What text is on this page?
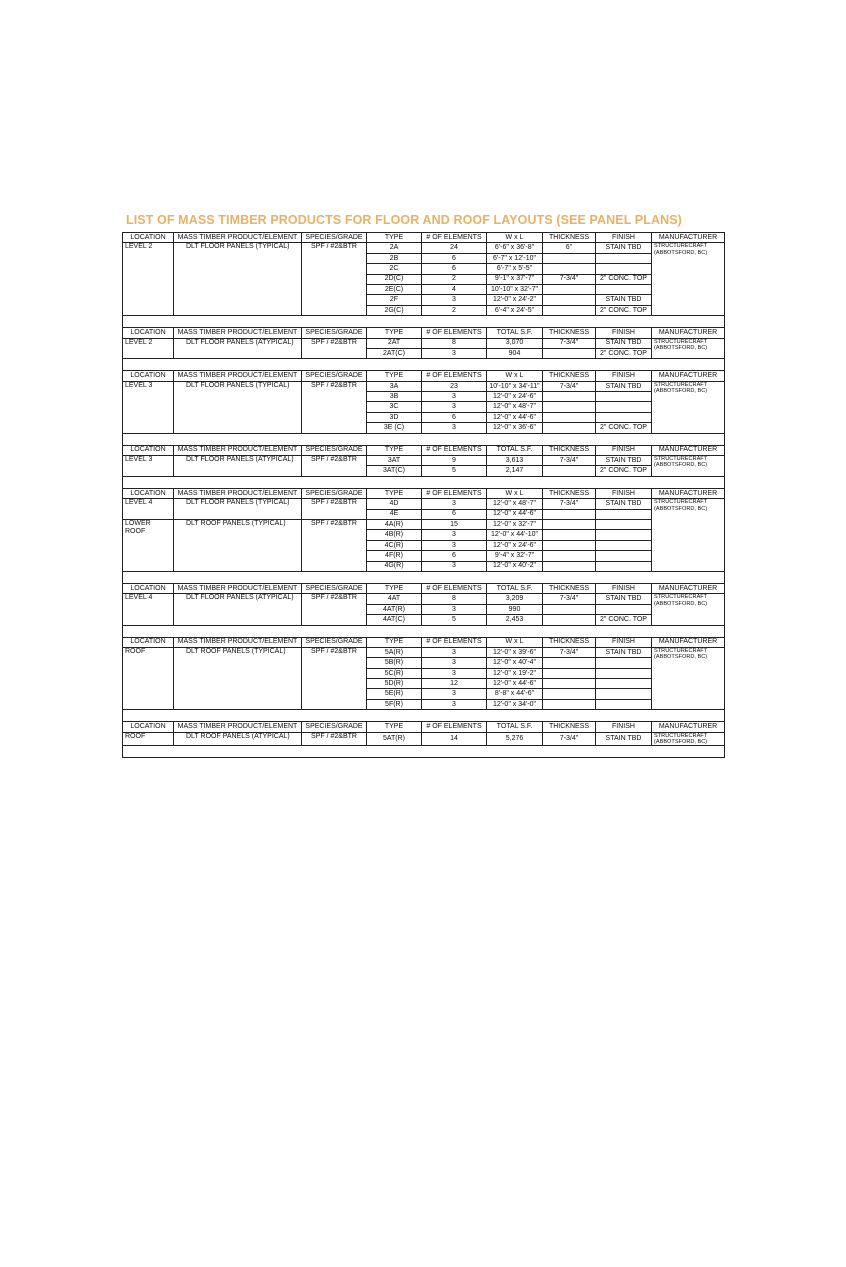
LIST OF MASS TIMBER PRODUCTS FOR FLOOR AND ROOF LAYOUTS (SEE PANEL PLANS)
LOCATION	MASS TIMBER PRODUCT/ELEMENT	SPECIES/GRADE	TYPE	# OF ELEMENTS	W x L	THICKNESS	FINISH	MANUFACTURER

LEVEL 2	DLT FLOOR PANELS (TYPICAL)	SPF / #2&BTR	2A	24	6'-6" x 36'-8"	6"	STAIN TBD	STRUCTURECRAFT (ABBOTSFORD, BC)
			2B	6	6'-7" x 12'-10"			
			2C	6	6'-7" x 5'-5"			
			2D(C)	2	9'-1" x 37'-7"	7-3/4"	2" CONC. TOP	
			2E(C)	4	10'-10" x 32'-7"			
			2F	3	12'-0" x 24'-2"		STAIN TBD	
			2G(C)	2	6'-4" x 24'-5"		2" CONC. TOP	

LOCATION	MASS TIMBER PRODUCT/ELEMENT	SPECIES/GRADE	TYPE	# OF ELEMENTS	TOTAL S.F.	THICKNESS	FINISH	MANUFACTURER

LEVEL 2	DLT FLOOR PANELS (ATYPICAL)	SPF / #2&BTR	2AT	8	3,070	7-3/4"	STAIN TBD	STRUCTURECRAFT (ABBOTSFORD, BC)
			2AT(C)	3	904		2" CONC. TOP	

LOCATION	MASS TIMBER PRODUCT/ELEMENT	SPECIES/GRADE	TYPE	# OF ELEMENTS	W x L	THICKNESS	FINISH	MANUFACTURER

LEVEL 3	DLT FLOOR PANELS (TYPICAL)	SPF / #2&BTR	3A	23	10'-10" x 34'-11"	7-3/4"	STAIN TBD	STRUCTURECRAFT (ABBOTSFORD, BC)
			3B	3	12'-0" x 24'-6"			
			3C	3	12'-0" x 48'-7"			
			3D	6	12'-0" x 44'-6"			
			3E (C)	3	12'-0" x 36'-6"		2" CONC. TOP	

LOCATION	MASS TIMBER PRODUCT/ELEMENT	SPECIES/GRADE	TYPE	# OF ELEMENTS	TOTAL S.F.	THICKNESS	FINISH	MANUFACTURER

LEVEL 3	DLT FLOOR PANELS (ATYPICAL)	SPF / #2&BTR	3AT	9	3,613	7-3/4"	STAIN TBD	STRUCTURECRAFT (ABBOTSFORD, BC)
			3AT(C)	5	2,147		2" CONC. TOP	

LOCATION	MASS TIMBER PRODUCT/ELEMENT	SPECIES/GRADE	TYPE	# OF ELEMENTS	W x L	THICKNESS	FINISH	MANUFACTURER

LEVEL 4	DLT FLOOR PANELS (TYPICAL)	SPF / #2&BTR	4D	3	12'-0" x 48'-7"	7-3/4"	STAIN TBD	STRUCTURECRAFT (ABBOTSFORD, BC)
			4E	6	12'-0" x 44'-6"			

LOWER ROOF	DLT ROOF PANELS (TYPICAL)	SPF / #2&BTR	4A(R)	15	12'-0" x 32'-7"			
			4B(R)	3	12'-0" x 44'-10"			
			4C(R)	3	12'-0" x 24'-6"			
			4F(R)	6	9'-4" x 32'-7"			
			4G(R)	3	12'-0" x 40'-2"			

LOCATION	MASS TIMBER PRODUCT/ELEMENT	SPECIES/GRADE	TYPE	# OF ELEMENTS	TOTAL S.F.	THICKNESS	FINISH	MANUFACTURER

LEVEL 4	DLT FLOOR PANELS (ATYPICAL)	SPF / #2&BTR	4AT	8	3,209	7-3/4"	STAIN TBD	STRUCTURECRAFT (ABBOTSFORD, BC)
			4AT(R)	3	990			
			4AT(C)	5	2,453		2" CONC. TOP	

LOCATION	MASS TIMBER PRODUCT/ELEMENT	SPECIES/GRADE	TYPE	# OF ELEMENTS	W x L	THICKNESS	FINISH	MANUFACTURER

ROOF	DLT ROOF PANELS (TYPICAL)	SPF / #2&BTR	5A(R)	3	12'-0" x 39'-6"	7-3/4"	STAIN TBD	STRUCTURECRAFT (ABBOTSFORD, BC)
			5B(R)	3	12'-0" x 40'-4"			
			5C(R)	3	12'-0" x 19'-2"			
			5D(R)	12	12'-0" x 44'-6"			
			5E(R)	3	8'-8" x 44'-6"			
			5F(R)	3	12'-0" x 34'-0"			

LOCATION	MASS TIMBER PRODUCT/ELEMENT	SPECIES/GRADE	TYPE	# OF ELEMENTS	TOTAL S.F.	THICKNESS	FINISH	MANUFACTURER

ROOF	DLT ROOF PANELS (ATYPICAL)	SPF / #2&BTR	5AT(R)	14	5,276	7-3/4"	STAIN TBD	STRUCTURECRAFT (ABBOTSFORD, BC)
